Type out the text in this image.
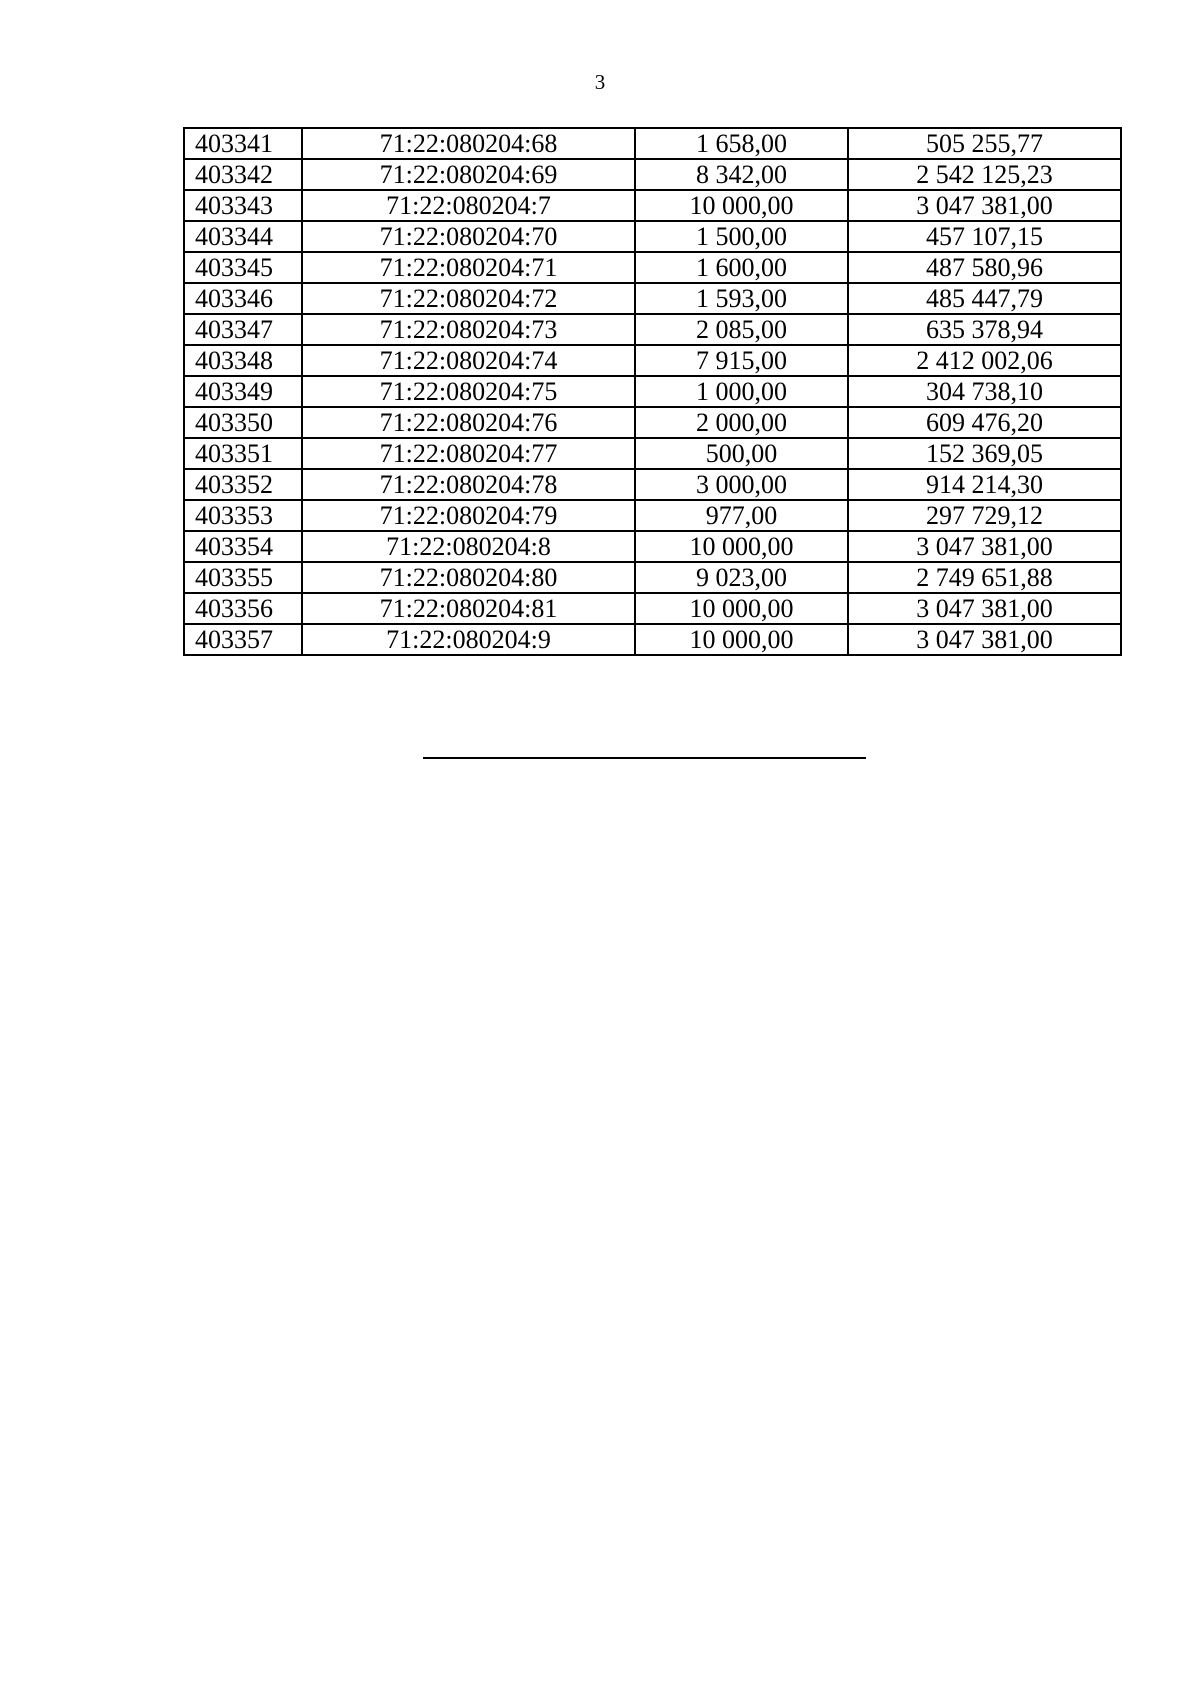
3
403341	71:22:080204:68	1 658,00	505 255,77
403342	71:22:080204:69	8 342,00	2 542 125,23
403343	71:22:080204:7	10 000,00	3 047 381,00
403344	71:22:080204:70	1 500,00	457 107,15
403345	71:22:080204:71	1 600,00	487 580,96
403346	71:22:080204:72	1 593,00	485 447,79
403347	71:22:080204:73	2 085,00	635 378,94
403348	71:22:080204:74	7 915,00	2 412 002,06
403349	71:22:080204:75	1 000,00	304 738,10
403350	71:22:080204:76	2 000,00	609 476,20
403351	71:22:080204:77	500,00	152 369,05
403352	71:22:080204:78	3 000,00	914 214,30
403353	71:22:080204:79	977,00	297 729,12
403354	71:22:080204:8	10 000,00	3 047 381,00
403355	71:22:080204:80	9 023,00	2 749 651,88
403356	71:22:080204:81	10 000,00	3 047 381,00
403357	71:22:080204:9	10 000,00	3 047 381,00
